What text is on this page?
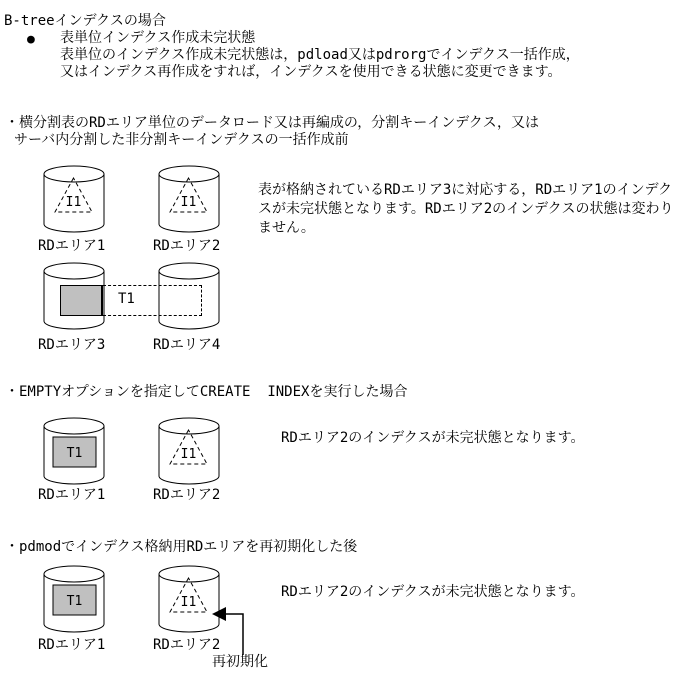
B-treeインデクスの場合
● 表単位インデクス作成未完状態
表単位のインデクス作成未完状態は，pdload又はpdrorgでインデクス一括作成，
又はインデクス再作成をすれば，インデクスを使用できる状態に変更できます。
・横分割表のRDエリア単位のデータロード又は再編成の，分割キーインデクス，又は
サーバ内分割した非分割キーインデクスの一括作成前
I1	I1
RDエリア1	RDエリア2
T1
RDエリア3	RDエリア4
表が格納されているRDエリア3に対応する，RDエリア1のインデク
スが未完状態となります。RDエリア2のインデクスの状態は変わり
ません。
・EMPTYオプションを指定してCREATE  INDEXを実行した場合
T1	I1
RDエリア1	RDエリア2
RDエリア2のインデクスが未完状態となります。
・pdmodでインデクス格納用RDエリアを再初期化した後
T1	I1
RDエリア1	RDエリア2
RDエリア2のインデクスが未完状態となります。
再初期化
